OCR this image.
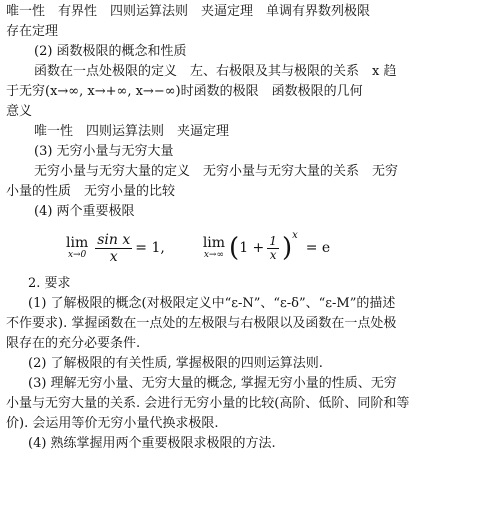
唯一性　有界性　四则运算法则　夹逼定理　单调有界数列极限
存在定理
(2) 函数极限的概念和性质
函数在一点处极限的定义　左、右极限及其与极限的关系　x 趋
于无穷(x→∞, x→+∞, x→−∞)时函数的极限　函数极限的几何
意义
唯一性　四则运算法则　夹逼定理
(3) 无穷小量与无穷大量
无穷小量与无穷大量的定义　无穷小量与无穷大量的关系　无穷
小量的性质　无穷小量的比较
(4) 两个重要极限
lim
$x\to 0 \frac{\text{sin x}}{x} = 1$,	lim
x→∞ ( $1 + \frac{1}{x}$ ) x
= e
2. 要求
(1) 了解极限的概念(对极限定义中“ε-N”、“ε-δ”、“ε-M”的描述
不作要求). 掌握函数在一点处的左极限与右极限以及函数在一点处极
限存在的充分必要条件.
(2) 了解极限的有关性质, 掌握极限的四则运算法则.
(3) 理解无穷小量、无穷大量的概念, 掌握无穷小量的性质、无穷
小量与无穷大量的关系. 会进行无穷小量的比较(高阶、低阶、同阶和等
价). 会运用等价无穷小量代换求极限.
(4) 熟练掌握用两个重要极限求极限的方法.
